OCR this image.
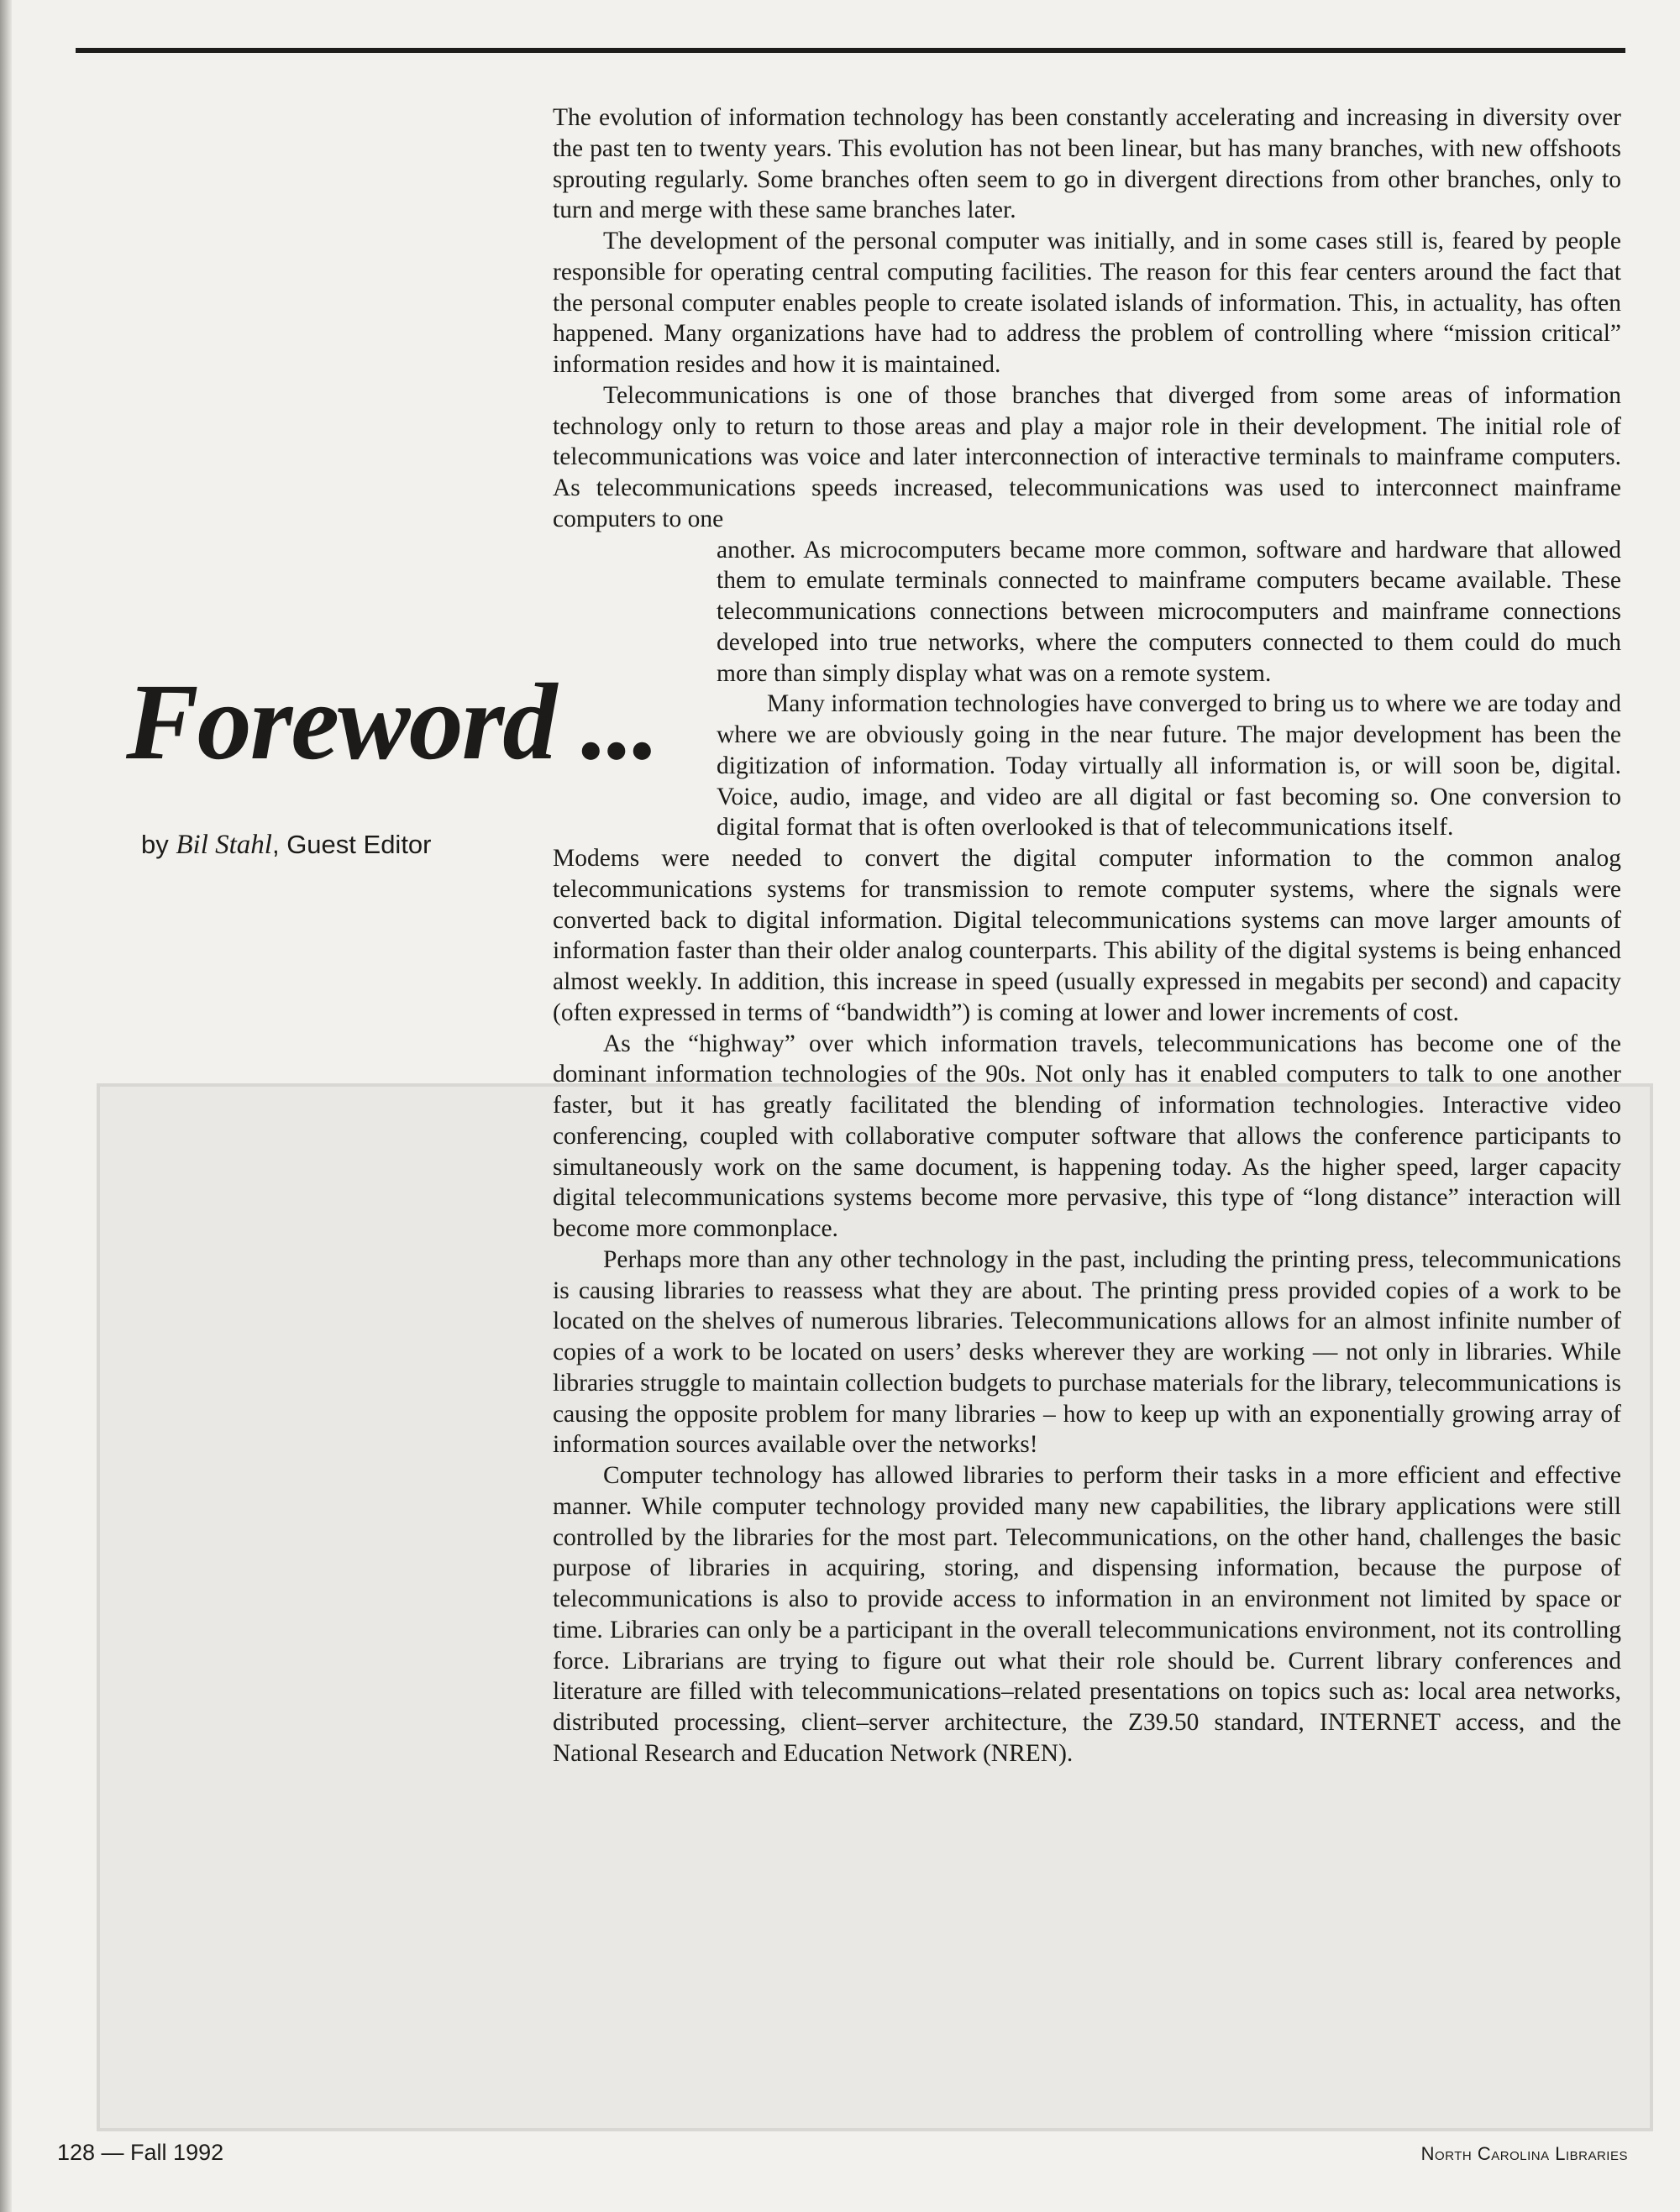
Foreword ...
by Bil Stahl, Guest Editor

The evolution of information technology has been constantly accelerating and increasing in diversity over the past ten to twenty years. This evolution has not been linear, but has many branches, with new offshoots sprouting regularly. Some branches often seem to go in divergent directions from other branches, only to turn and merge with these same branches later.

The development of the personal computer was initially, and in some cases still is, feared by people responsible for operating central computing facilities. The reason for this fear centers around the fact that the personal computer enables people to create isolated islands of information. This, in actuality, has often happened. Many organizations have had to address the problem of controlling where “mission critical” information resides and how it is maintained.

Telecommunications is one of those branches that diverged from some areas of information technology only to return to those areas and play a major role in their development. The initial role of telecommunications was voice and later interconnection of interactive terminals to mainframe computers. As telecommunications speeds increased, telecommunications was used to interconnect mainframe computers to one

another. As microcomputers became more common, software and hardware that allowed them to emulate terminals connected to mainframe computers became available. These telecommunications connections between microcomputers and mainframe connections developed into true networks, where the computers connected to them could do much more than simply display what was on a remote system.

Many information technologies have converged to bring us to where we are today and where we are obviously going in the near future. The major development has been the digitization of information. Today virtually all information is, or will soon be, digital. Voice, audio, image, and video are all digital or fast becoming so. One conversion to digital format that is often overlooked is that of telecommunications itself.

Modems were needed to convert the digital computer information to the common analog telecommunications systems for transmission to remote computer systems, where the signals were converted back to digital information. Digital telecommunications systems can move larger amounts of information faster than their older analog counterparts. This ability of the digital systems is being enhanced almost weekly. In addition, this increase in speed (usually expressed in megabits per second) and capacity (often expressed in terms of “bandwidth”) is coming at lower and lower increments of cost.

As the “highway” over which information travels, telecommunications has become one of the dominant information technologies of the 90s. Not only has it enabled computers to talk to one another faster, but it has greatly facilitated the blending of information technologies. Interactive video conferencing, coupled with collaborative computer software that allows the conference participants to simultaneously work on the same document, is happening today. As the higher speed, larger capacity digital telecommunications systems become more pervasive, this type of “long distance” interaction will become more commonplace.

Perhaps more than any other technology in the past, including the printing press, telecommunications is causing libraries to reassess what they are about. The printing press provided copies of a work to be located on the shelves of numerous libraries. Telecommunications allows for an almost infinite number of copies of a work to be located on users’ desks wherever they are working — not only in libraries. While libraries struggle to maintain collection budgets to purchase materials for the library, telecommunications is causing the opposite problem for many libraries – how to keep up with an exponentially growing array of information sources available over the networks!

Computer technology has allowed libraries to perform their tasks in a more efficient and effective manner. While computer technology provided many new capabilities, the library applications were still controlled by the libraries for the most part. Telecommunications, on the other hand, challenges the basic purpose of libraries in acquiring, storing, and dispensing information, because the purpose of telecommunications is also to provide access to information in an environment not limited by space or time. Libraries can only be a participant in the overall telecommunications environment, not its controlling force. Librarians are trying to figure out what their role should be. Current library conferences and literature are filled with telecommunications–related presentations on topics such as: local area networks, distributed processing, client–server architecture, the Z39.50 standard, INTERNET access, and the National Research and Education Network (NREN).

128 — Fall 1992	North Carolina Libraries
